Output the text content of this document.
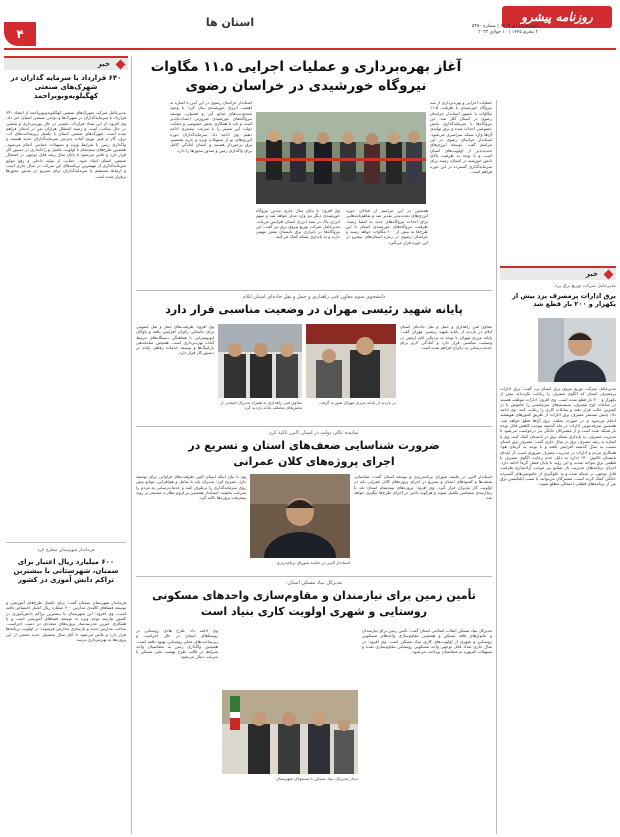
۴
استان ها	روزنامه پیشرو
دوشنبه ۱۹ تیر ۱۴۰۲ | شماره ۵۳۸۰
۲ محرم ۱۴۴۵ | ۱۰ جولای ۲۰۲۳
خبر
۶۴۰ قرارداد با سرمایه گذاران در شهرک‌های صنعتی کهگیلویه‌وبویراحمد
مدیرعامل شرکت شهرک‌های صنعتی کهگیلویه‌وبویراحمد از انعقاد ۶۴۰ قرارداد با سرمایه‌گذاران در شهرک‌ها و نواحی صنعتی استان خبر داد. وی افزود: از این تعداد قرارداد، بخشی در حال بهره‌برداری و بخشی در حال ساخت است و زمینه اشتغال هزاران نفر در استان فراهم شده است. شهرک‌های صنعتی استان با تکمیل زیرساخت‌های آب، برق، گاز و فیبر نوری آماده پذیرش سرمایه‌گذاران جدید هستند و واگذاری زمین با شرایط ویژه و تسهیلات حمایتی انجام می‌شود. همچنین طرح‌های نیمه‌تمام با اولویت تکمیل و راه‌اندازی در دستور کار قرار دارد و تلاش می‌شود تا پایان سال رشد قابل توجهی در اشتغال صنعتی استان ایجاد شود. حمایت از تولید داخلی و رفع موانع سرمایه‌گذاری از مهمترین برنامه‌های این شرکت در سال جاری است و ارتباط مستقیم با سرمایه‌گذاران برای تسریع در صدور مجوزها برقرار شده است.
فرماندار شهرستان مطرح کرد
۶۰۰ میلیارد ریال اعتبار برای سمنان، شهرستانی با بیشترین تراکم دانش آموزی در کشور
فرماندار شهرستان سمنان گفت: برای تکمیل طرح‌های آموزشی و توسعه فضاهای کالبدی مدارس ۶۰۰ میلیارد ریال اعتبار اختصاص یافته است. وی افزود: این شهرستان با بیشترین تراکم دانش‌آموزی در کشور نیازمند توجه ویژه به توسعه فضاهای آموزشی است و با همکاری خیرین مدرسه‌ساز پروژه‌های متعددی در دست اجراست. ساخت مدارس جدید و بازسازی مدارس فرسوده در اولویت برنامه‌ها قرار دارد و تلاش می‌شود تا آغاز سال تحصیلی جدید بخشی از این پروژه‌ها به بهره‌برداری برسد.
آغاز بهره‌برداری و عملیات اجرایی ۱۱.۵ مگاوات نیروگاه خورشیدی در خراسان رضوی
عملیات اجرایی و بهره‌برداری از سه نیروگاه خورشیدی با ظرفیت ۱۱.۵ مگاوات با حضور استاندار خراسان رضوی در استان آغاز شد. این نیروگاه‌ها با سرمایه‌گذاری بخش خصوصی احداث شده و برق تولیدی آن‌ها وارد شبکه سراسری می‌شود. استاندار خراسان رضوی در این مراسم گفت: توسعه انرژی‌های تجدیدپذیر از اولویت‌های استان است و با توجه به ظرفیت بالای تابش خورشید در استان، زمینه برای سرمایه‌گذاری گسترده در این حوزه فراهم است.
وی افزود: تا پایان سال جاری چندین نیروگاه خورشیدی دیگر نیز وارد مدار خواهد شد و سهم انرژی پاک در سبد انرژی استان افزایش می‌یابد. مدیرعامل شرکت توزیع نیروی برق نیز گفت: این نیروگاه‌ها در ناترازی برق تابستان نقش مهمی دارند و به پایداری شبکه کمک می‌کنند.
همچنین در این مراسم از فعالان حوزه انرژی‌های تجدیدپذیر تقدیر شد و تفاهم‌نامه‌هایی برای احداث نیروگاه‌های جدید به امضا رسید. ظرفیت نیروگاه‌های خورشیدی استان با این طرح‌ها به بیش از ۱۰۰ مگاوات خواهد رسید و خراسان رضوی در زمره استان‌های پیشرو در این حوزه قرار می‌گیرد.
استاندار خراسان رضوی در این آیین با اشاره به اهمیت انرژی خورشیدی بیان کرد: با وجود محدودیت‌های منابع آبی و فسیلی، توسعه نیروگاه‌های خورشیدی ضرورتی اجتناب‌ناپذیر است و باید با همکاری بخش خصوصی و حمایت دولت این مسیر را با سرعت بیشتری ادامه دهیم. وی ادامه داد: سرمایه‌گذاران حوزه انرژی‌های نو از تسهیلات ویژه و خرید تضمینی برق برخوردار هستند و استان آمادگی کامل برای واگذاری زمین و صدور مجوزها را دارد.
خبر
مدیرعامل شرکت توزیع برق یزد:
برق ادارات پرمصرف یزد بیش از یکهزار و ۲۰۰ بار قطع شد
مدیرعامل شرکت توزیع نیروی برق استان یزد گفت: برق ادارات پرمصرف استان که الگوی مصرف را رعایت نکرده‌اند بیش از یکهزار و ۲۰۰ بار قطع شده است. وی افزود: ادارات موظف هستند در ساعات اوج مصرف، سیستم‌های سرمایشی را خاموش یا در کمترین حالت قرار دهند و ساعات کاری را رعایت کنند. وی ادامه داد: پایش مستمر مصرف برق ادارات از طریق کنتورهای هوشمند انجام می‌شود و در صورت تخلف، برق آن‌ها قطع خواهد شد. همچنین صرفه‌جویی ادارات در ماه گذشته موجب کاهش قابل توجه بار شبکه شده است و از مشترکان خانگی نیز درخواست می‌شود با مدیریت مصرف، به پایداری شبکه برق در تابستان کمک کنند. وی با اشاره به رشد مصرف برق در سال جاری گفت: مصرف برق استان نسبت به سال گذشته افزایش یافته و با توجه به گرمای هوا، همکاری مردم و ادارات در مدیریت مصرف ضروری است. از ابتدای تابستان تاکنون ۱۴۰ اداره به دلیل عدم رعایت الگوی مصرف با قطعی برق مواجه شدند و این روند تا پایان فصل گرما ادامه دارد. اجرای برنامه‌های مدیریت بار صنایع نیز موجب آزادسازی ظرفیت قابل توجهی در شبکه شده و به جلوگیری از خاموشی‌های گسترده خانگی کمک کرده است. مشترکان می‌توانند با نصب اپلیکیشن برق من از برنامه‌های قطعی احتمالی مطلع شوند.
دانشجوی سوم معاون فنی راهداری و حمل و نقل جاده‌ای استان ایلام
پایانه شهید رئیسی مهران در وضعیت مناسبی قرار دارد
معاون فنی راهداری و حمل و نقل جاده‌ای استان ایلام در بازدید از پایانه شهید رئیسی مهران گفت: پایانه مرزی مهران با توجه به نزدیکی ایام اربعین در وضعیت مناسبی قرار دارد و آمادگی لازم برای خدمت‌رسانی به زائران فراهم شده است.
در بازدید از پایانه مرزی مهران صورت گرفت
معاون فنی راهداری به همراه مدیران استانی از بخش‌های مختلف پایانه بازدید کرد
وی افزود: ظرفیت‌های حمل و نقل عمومی برای جابجایی زائران افزایش یافته و ناوگان اتوبوسرانی با هماهنگی دستگاه‌های مرتبط آماده بهره‌برداری است. همچنین ساماندهی پارکینگ‌ها و توسعه خدمات رفاهی پایانه در دستور کار قرار دارد.
نماینده عالی دولت در استان البرز تاکید کرد
ضرورت شناسایی ضعف‌های استان و تسریع در اجرای پروژه‌های کلان عمرانی
استاندار البرز در جلسه شورای برنامه‌ریزی و توسعه استان گفت: شناسایی ضعف‌ها و کمبودهای استان و تسریع در اجرای پروژه‌های کلان عمرانی باید در اولویت کار مدیران قرار گیرد. وی افزود: پروژه‌های نیمه‌تمام استان باید با زمان‌بندی مشخص تکمیل شوند و هرگونه تاخیر در اجرای طرح‌ها پیگیری خواهد شد.
استاندار البرز در جلسه شورای برنامه‌ریزی
وی با بیان اینکه استان البرز ظرفیت‌های فراوانی برای توسعه دارد، تصریح کرد: مدیران باید با تعامل و هم‌افزایی، موانع پیش روی سرمایه‌گذاری را برطرف کنند و خدمات‌رسانی به مردم را سرعت بخشند. استاندار همچنین بر لزوم نظارت مستمر بر روند پیشرفت پروژه‌ها تاکید کرد.
مدیرکل بنیاد مسکن استان:
تأمین زمین برای نیازمندان و مقاوم‌سازی واحدهای مسکونی روستایی و شهری اولویت کاری بنیاد است
مدیرکل بنیاد مسکن انقلاب اسلامی استان گفت: تأمین زمین برای نیازمندان و خانوارهای فاقد مسکن و همچنین مقاوم‌سازی واحدهای مسکونی روستایی و شهری از اولویت‌های کاری بنیاد مسکن است. وی افزود: در سال جاری تعداد قابل توجهی واحد مسکونی روستایی مقاوم‌سازی شده و تسهیلات کم‌بهره به متقاضیان پرداخت می‌شود.
دیدار مدیرکل بنیاد مسکن با مسئولان شهرستان
وی ادامه داد: طرح هادی روستایی در روستاهای استان در حال اجراست و زیرساخت‌های معابر روستایی بهبود یافته است. همچنین واگذاری زمین به متقاضیان واجد شرایط در قالب طرح نهضت ملی مسکن با سرعت دنبال می‌شود.
